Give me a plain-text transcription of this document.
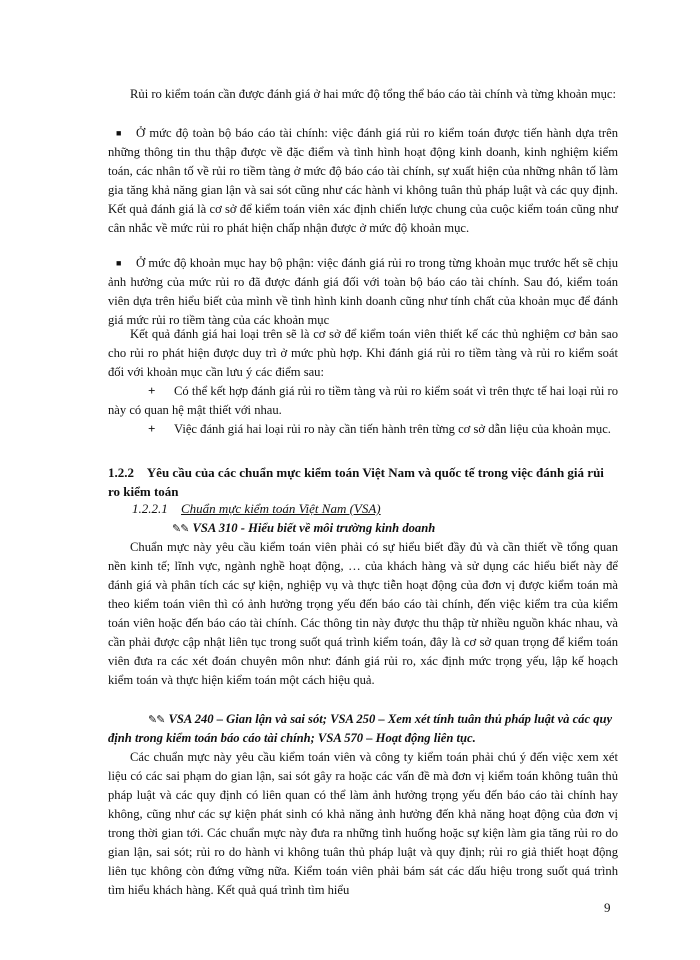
Rủi ro kiểm toán cần được đánh giá ở hai mức độ tổng thể báo cáo tài chính và từng khoản mục:
■ Ở mức độ toàn bộ báo cáo tài chính: việc đánh giá rủi ro kiểm toán được tiến hành dựa trên những thông tin thu thập được về đặc điểm và tình hình hoạt động kinh doanh, kinh nghiệm kiểm toán, các nhân tố về rủi ro tiềm tàng ở mức độ báo cáo tài chính, sự xuất hiện của những nhân tố làm gia tăng khả năng gian lận và sai sót cũng như các hành vi không tuân thủ pháp luật và các quy định. Kết quả đánh giá là cơ sở để kiểm toán viên xác định chiến lược chung của cuộc kiểm toán cũng như cân nhắc về mức rủi ro phát hiện chấp nhận được ở mức độ khoản mục.
■ Ở mức độ khoản mục hay bộ phận: việc đánh giá rủi ro trong từng khoản mục trước hết sẽ chịu ảnh hưởng của mức rủi ro đã được đánh giá đối với toàn bộ báo cáo tài chính. Sau đó, kiểm toán viên dựa trên hiểu biết của mình về tình hình kinh doanh cũng như tính chất của khoản mục để đánh giá mức rủi ro tiềm tàng của các khoản mục
Kết quả đánh giá hai loại trên sẽ là cơ sở để kiểm toán viên thiết kế các thủ nghiệm cơ bản sao cho rủi ro phát hiện được duy trì ở mức phù hợp. Khi đánh giá rủi ro tiềm tàng và rủi ro kiểm soát đối với khoản mục cần lưu ý các điểm sau:
+ Có thể kết hợp đánh giá rủi ro tiềm tàng và rủi ro kiểm soát vì trên thực tế hai loại rủi ro này có quan hệ mật thiết với nhau.
+ Việc đánh giá hai loại rủi ro này cần tiến hành trên từng cơ sở dẫn liệu của khoản mục.
1.2.2 Yêu cầu của các chuẩn mực kiểm toán Việt Nam và quốc tế trong việc đánh giá rủi ro kiểm toán
1.2.2.1 Chuẩn mực kiểm toán Việt Nam (VSA)
✎✎ VSA 310 - Hiểu biết về môi trường kinh doanh
Chuẩn mực này yêu cầu kiểm toán viên phải có sự hiểu biết đầy đủ và cần thiết về tổng quan nền kinh tế; lĩnh vực, ngành nghề hoạt động, … của khách hàng và sử dụng các hiểu biết này để đánh giá và phân tích các sự kiện, nghiệp vụ và thực tiễn hoạt động của đơn vị được kiểm toán mà theo kiểm toán viên thì có ảnh hưởng trọng yếu đến báo cáo tài chính, đến việc kiểm tra của kiểm toán viên hoặc đến báo cáo tài chính. Các thông tin này được thu thập từ nhiều nguồn khác nhau, và cần phải được cập nhật liên tục trong suốt quá trình kiểm toán, đây là cơ sở quan trọng để kiểm toán viên đưa ra các xét đoán chuyên môn như: đánh giá rủi ro, xác định mức trọng yếu, lập kế hoạch kiểm toán và thực hiện kiểm toán một cách hiệu quả.
✎✎ VSA 240 – Gian lận và sai sót; VSA 250 – Xem xét tính tuân thủ pháp luật và các quy định trong kiểm toán báo cáo tài chính; VSA 570 – Hoạt động liên tục.
Các chuẩn mực này yêu cầu kiểm toán viên và công ty kiểm toán phải chú ý đến việc xem xét liệu có các sai phạm do gian lận, sai sót gây ra hoặc các vấn đề mà đơn vị kiểm toán không tuân thủ pháp luật và các quy định có liên quan có thể làm ảnh hưởng trọng yếu đến báo cáo tài chính hay không, cũng như các sự kiện phát sinh có khả năng ảnh hưởng đến khả năng hoạt động của đơn vị trong thời gian tới. Các chuẩn mực này đưa ra những tình huống hoặc sự kiện làm gia tăng rủi ro do gian lận, sai sót; rủi ro do hành vi không tuân thủ pháp luật và quy định; rủi ro giả thiết hoạt động liên tục không còn đứng vững nữa. Kiểm toán viên phải bám sát các dấu hiệu trong suốt quá trình tìm hiểu khách hàng. Kết quả quá trình tìm hiểu
9
